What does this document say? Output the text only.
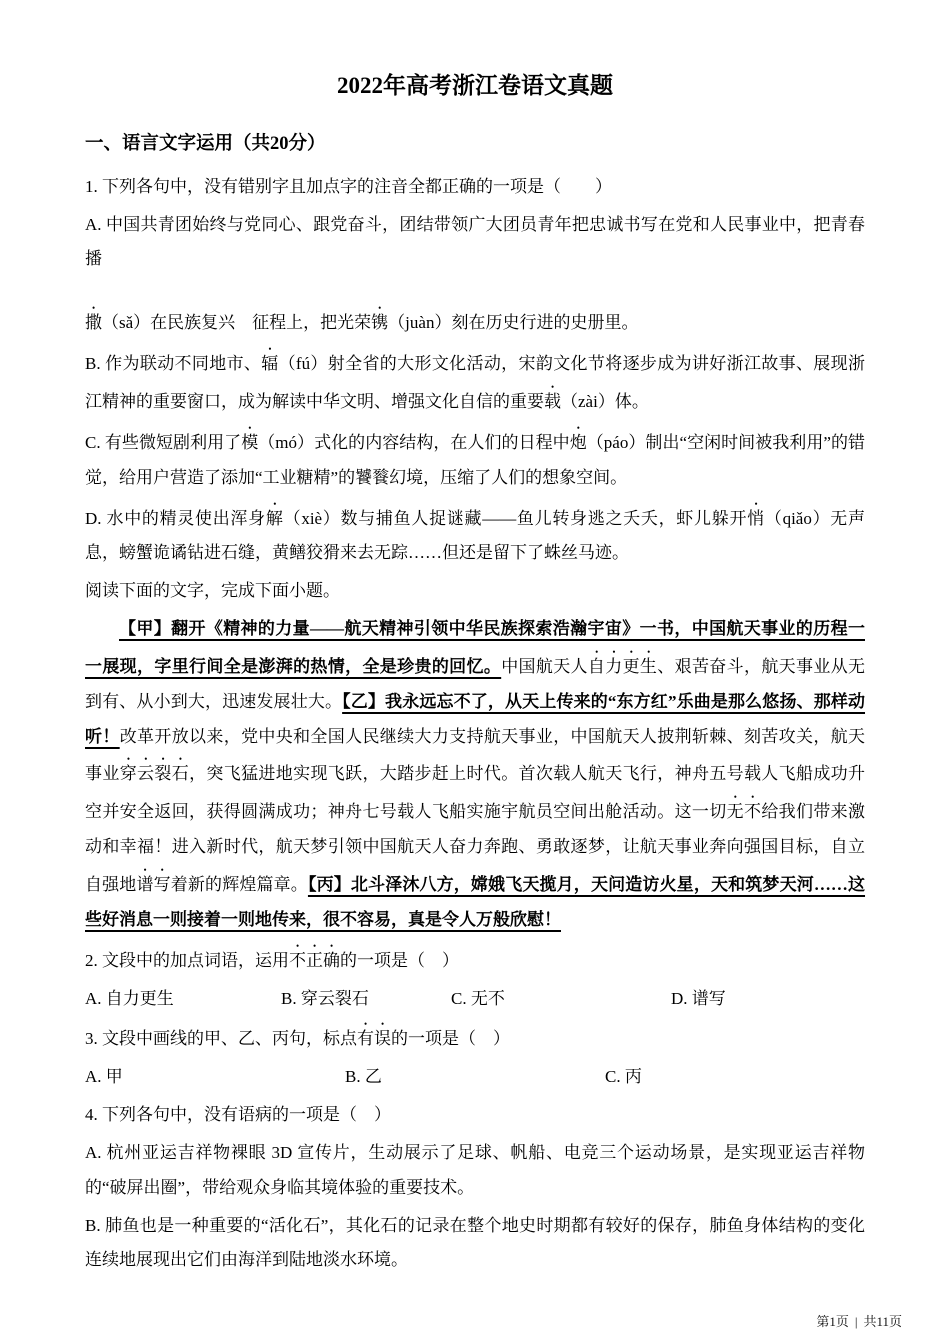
2022年高考浙江卷语文真题
一、语言文字运用（共20分）

1. 下列各句中，没有错别字且加点字的注音全都正确的一项是（　　）

A. 中国共青团始终与党同心、跟党奋斗，团结带领广大团员青年把忠诚书写在党和人民事业中，把青春播

撒（sǎ）在民族复兴　征程上，把光荣镌（juàn）刻在历史行进的史册里。

B. 作为联动不同地市、辐（fú）射全省的大形文化活动，宋韵文化节将逐步成为讲好浙江故事、展现浙江精神的重要窗口，成为解读中华文明、增强文化自信的重要载（zài）体。

C. 有些微短剧利用了模（mó）式化的内容结构，在人们的日程中炮（páo）制出“空闲时间被我利用”的错觉，给用户营造了添加“工业糖精”的饕餮幻境，压缩了人们的想象空间。

D. 水中的精灵使出浑身解（xiè）数与捕鱼人捉谜藏——鱼儿转身逃之夭夭，虾儿躲开悄（qiǎo）无声息，螃蟹诡谲钻进石缝，黄鳝狡猾来去无踪……但还是留下了蛛丝马迹。

阅读下面的文字，完成下面小题。

【甲】翻开《精神的力量——航天精神引领中华民族探索浩瀚宇宙》一书，中国航天事业的历程一一展现，字里行间全是澎湃的热情，全是珍贵的回忆。中国航天人自力更生、艰苦奋斗，航天事业从无到有、从小到大，迅速发展壮大。【乙】我永远忘不了，从天上传来的“东方红”乐曲是那么悠扬、那样动听！改革开放以来，党中央和全国人民继续大力支持航天事业，中国航天人披荆斩棘、刻苦攻关，航天事业穿云裂石，突飞猛进地实现飞跃，大踏步赶上时代。首次载人航天飞行，神舟五号载人飞船成功升空并安全返回，获得圆满成功；神舟七号载人飞船实施宇航员空间出舱活动。这一切无不给我们带来激动和幸福！进入新时代，航天梦引领中国航天人奋力奔跑、勇敢逐梦，让航天事业奔向强国目标，自立自强地谱写着新的辉煌篇章。【丙】北斗泽沐八方，嫦娥飞天揽月，天问造访火星，天和筑梦天河……这些好消息一则接着一则地传来，很不容易，真是令人万般欣慰！

2. 文段中的加点词语，运用不正确的一项是（　）

A. 自力更生	B. 穿云裂石	C. 无不	D. 谱写

3. 文段中画线的甲、乙、丙句，标点有误的一项是（　）

A. 甲	B. 乙	C. 丙

4. 下列各句中，没有语病的一项是（　）

A. 杭州亚运吉祥物裸眼 3D 宣传片，生动展示了足球、帆船、电竞三个运动场景，是实现亚运吉祥物的“破屏出圈”，带给观众身临其境体验的重要技术。

B. 肺鱼也是一种重要的“活化石”，其化石的记录在整个地史时期都有较好的保存，肺鱼身体结构的变化连续地展现出它们由海洋到陆地淡水环境。

第1页 | 共11页
